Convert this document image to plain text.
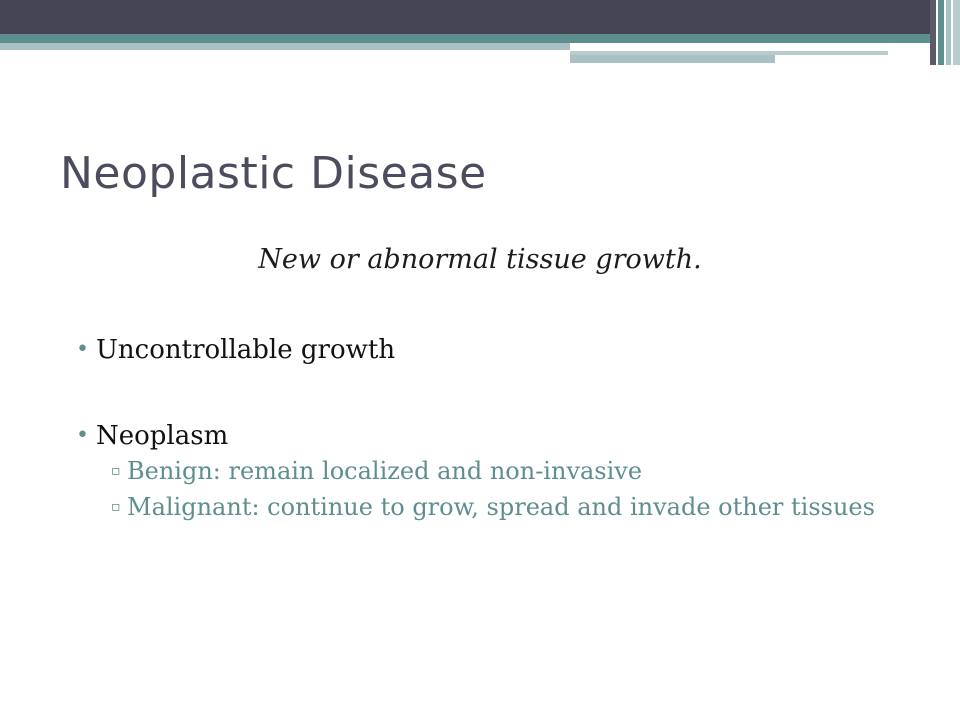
Neoplastic Disease
New or abnormal tissue growth.
• Uncontrollable growth
• Neoplasm
▫ Benign: remain localized and non-invasive
▫ Malignant: continue to grow, spread and invade other tissues
